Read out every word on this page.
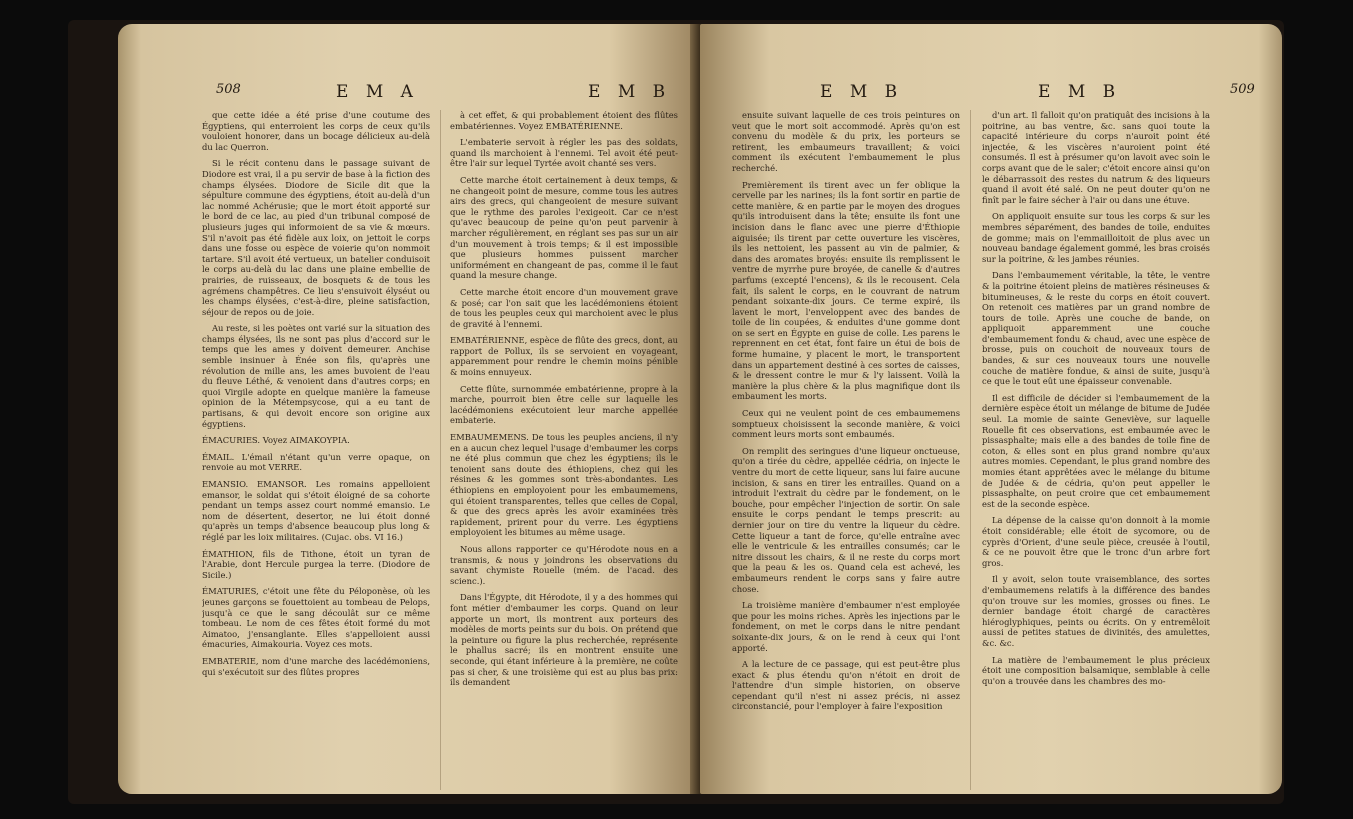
508	E M A	E M B

que cette idée a été prise d'une coutume des Égyptiens, qui enterroient les corps de ceux qu'ils vouloient honorer, dans un bocage délicieux au-delà du lac Querron.

Si le récit contenu dans le passage suivant de Diodore est vrai, il a pu servir de base à la fiction des champs élysées. Diodore de Sicile dit que la sépulture commune des égyptiens, étoit au-delà d'un lac nommé Achérusie; que le mort étoit apporté sur le bord de ce lac, au pied d'un tribunal composé de plusieurs juges qui informoient de sa vie & mœurs. S'il n'avoit pas été fidèle aux loix, on jettoit le corps dans une fosse ou espèce de voierie qu'on nommoit tartare. S'il avoit été vertueux, un batelier conduisoit le corps au-delà du lac dans une plaine embellie de prairies, de ruisseaux, de bosquets & de tous les agrémens champêtres. Ce lieu s'ensuivoit élyséut ou les champs élysées, c'est-à-dire, pleine satisfaction, séjour de repos ou de joie.

Au reste, si les poètes ont varié sur la situation des champs élysées, ils ne sont pas plus d'accord sur le temps que les ames y doivent demeurer. Anchise semble insinuer à Énée son fils, qu'après une révolution de mille ans, les ames buvoient de l'eau du fleuve Léthé, & venoient dans d'autres corps; en quoi Virgile adopte en quelque manière la fameuse opinion de la Métempsycose, qui a eu tant de partisans, & qui devoit encore son origine aux égyptiens.

ÉMACURIES. Voyez AIMAKOYPIA.

ÉMAIL. L'émail n'étant qu'un verre opaque, on renvoie au mot VERRE.

EMANSIO. EMANSOR. Les romains appelloient emansor, le soldat qui s'étoit éloigné de sa cohorte pendant un temps assez court nommé emansio. Le nom de désertent, desertor, ne lui étoit donné qu'après un temps d'absence beaucoup plus long & réglé par les loix militaires. (Cujac. obs. VI 16.)

ÉMATHION, fils de Tithone, étoit un tyran de l'Arabie, dont Hercule purgea la terre. (Diodore de Sicile.)

ÉMATURIES, c'étoit une fête du Péloponèse, où les jeunes garçons se fouettoient au tombeau de Pelops, jusqu'à ce que le sang découlât sur ce même tombeau. Le nom de ces fêtes étoit formé du mot Aimatoo, j'ensanglante. Elles s'appelloient aussi émacuries, Aimakouria. Voyez ces mots.

EMBATERIE, nom d'une marche des lacédémoniens, qui s'exécutoit sur des flûtes propres

à cet effet, & qui probablement étoient des flûtes embatériennes. Voyez EMBATÉRIENNE.

L'embaterie servoit à régler les pas des soldats, quand ils marchoient à l'ennemi. Tel avoit été peut-être l'air sur lequel Tyrtée avoit chanté ses vers.

Cette marche étoit certainement à deux temps, & ne changeoit point de mesure, comme tous les autres airs des grecs, qui changeoient de mesure suivant que le rythme des paroles l'exigeoit. Car ce n'est qu'avec beaucoup de peine qu'on peut parvenir à marcher régulièrement, en réglant ses pas sur un air d'un mouvement à trois temps; & il est impossible que plusieurs hommes puissent marcher uniformément en changeant de pas, comme il le faut quand la mesure change.

Cette marche étoit encore d'un mouvement grave & posé; car l'on sait que les lacédémoniens étoient de tous les peuples ceux qui marchoient avec le plus de gravité à l'ennemi.

EMBATÉRIENNE, espèce de flûte des grecs, dont, au rapport de Pollux, ils se servoient en voyageant, apparemment pour rendre le chemin moins pénible & moins ennuyeux.

Cette flûte, surnommée embatérienne, propre à la marche, pourroit bien être celle sur laquelle les lacédémoniens exécutoient leur marche appellée embaterie.

EMBAUMEMENS. De tous les peuples anciens, il n'y en a aucun chez lequel l'usage d'embaumer les corps ne été plus commun que chez les égyptiens; ils le tenoient sans doute des éthiopiens, chez qui les résines & les gommes sont très-abondantes. Les éthiopiens en employoient pour les embaumemens, qui étoient transparentes, telles que celles de Copal, & que des grecs après les avoir examinées très rapidement, prirent pour du verre. Les égyptiens employoient les bitumes au même usage.

Nous allons rapporter ce qu'Hérodote nous en a transmis, & nous y joindrons les observations du savant chymiste Rouelle (mém. de l'acad. des scienc.).

Dans l'Égypte, dit Hérodote, il y a des hommes qui font métier d'embaumer les corps. Quand on leur apporte un mort, ils montrent aux porteurs des modèles de morts peints sur du bois. On prétend que la peinture ou figure la plus recherchée, représente le phallus sacré; ils en montrent ensuite une seconde, qui étant inférieure à la première, ne coûte pas si cher, & une troisième qui est au plus bas prix: ils demandent

E M B	E M B	509

ensuite suivant laquelle de ces trois peintures on veut que le mort soit accommodé. Après qu'on est convenu du modèle & du prix, les porteurs se retirent, les embaumeurs travaillent; & voici comment ils exécutent l'embaumement le plus recherché.

Premièrement ils tirent avec un fer oblique la cervelle par les narines; ils la font sortir en partie de cette manière, & en partie par le moyen des drogues qu'ils introduisent dans la tête; ensuite ils font une incision dans le flanc avec une pierre d'Éthiopie aiguisée; ils tirent par cette ouverture les viscères, ils les nettoient, les passent au vin de palmier, & dans des aromates broyés: ensuite ils remplissent le ventre de myrrhe pure broyée, de canelle & d'autres parfums (excepté l'encens), & ils le recousent. Cela fait, ils salent le corps, en le couvrant de natrum pendant soixante-dix jours. Ce terme expiré, ils lavent le mort, l'enveloppent avec des bandes de toile de lin coupées, & enduites d'une gomme dont on se sert en Égypte en guise de colle. Les parens le reprennent en cet état, font faire un étui de bois de forme humaine, y placent le mort, le transportent dans un appartement destiné à ces sortes de caisses, & le dressent contre le mur & l'y laissent. Voilà la manière la plus chère & la plus magnifique dont ils embaument les morts.

Ceux qui ne veulent point de ces embaumemens somptueux choisissent la seconde manière, & voici comment leurs morts sont embaumés.

On remplit des seringues d'une liqueur onctueuse, qu'on a tirée du cèdre, appellée cédria, on injecte le ventre du mort de cette liqueur, sans lui faire aucune incision, & sans en tirer les entrailles. Quand on a introduit l'extrait du cèdre par le fondement, on le bouche, pour empêcher l'injection de sortir. On sale ensuite le corps pendant le temps prescrit: au dernier jour on tire du ventre la liqueur du cèdre. Cette liqueur a tant de force, qu'elle entraîne avec elle le ventricule & les entrailles consumés; car le nitre dissout les chairs, & il ne reste du corps mort que la peau & les os. Quand cela est achevé, les embaumeurs rendent le corps sans y faire autre chose.

La troisième manière d'embaumer n'est employée que pour les moins riches. Après les injections par le fondement, on met le corps dans le nitre pendant soixante-dix jours, & on le rend à ceux qui l'ont apporté.

A la lecture de ce passage, qui est peut-être plus exact & plus étendu qu'on n'étoit en droit de l'attendre d'un simple historien, on observe cependant qu'il n'est ni assez précis, ni assez circonstancié, pour l'employer à faire l'exposition

d'un art. Il falloit qu'on pratiquât des incisions à la poitrine, au bas ventre, &c. sans quoi toute la capacité intérieure du corps n'auroit point été injectée, & les viscères n'auroient point été consumés. Il est à présumer qu'on lavoit avec soin le corps avant que de le saler; c'étoit encore ainsi qu'on le débarrassoit des restes du natrum & des liqueurs quand il avoit été salé. On ne peut douter qu'on ne finît par le faire sécher à l'air ou dans une étuve.

On appliquoit ensuite sur tous les corps & sur les membres séparément, des bandes de toile, enduites de gomme; mais on l'emmailloitoit de plus avec un nouveau bandage également gommé, les bras croisés sur la poitrine, & les jambes réunies.

Dans l'embaumement véritable, la tête, le ventre & la poitrine étoient pleins de matières résineuses & bitumineuses, & le reste du corps en étoit couvert. On retenoit ces matières par un grand nombre de tours de toile. Après une couche de bande, on appliquoit apparemment une couche d'embaumement fondu & chaud, avec une espèce de brosse, puis on couchoit de nouveaux tours de bandes, & sur ces nouveaux tours une nouvelle couche de matière fondue, & ainsi de suite, jusqu'à ce que le tout eût une épaisseur convenable.

Il est difficile de décider si l'embaumement de la dernière espèce étoit un mélange de bitume de Judée seul. La momie de sainte Geneviève, sur laquelle Rouelle fit ces observations, est embaumée avec le pissasphalte; mais elle a des bandes de toile fine de coton, & elles sont en plus grand nombre qu'aux autres momies. Cependant, le plus grand nombre des momies étant apprêtées avec le mélange du bitume de Judée & de cédria, qu'on peut appeller le pissasphalte, on peut croire que cet embaumement est de la seconde espèce.

La dépense de la caisse qu'on donnoit à la momie étoit considérable; elle étoit de sycomore, ou de cyprès d'Orient, d'une seule pièce, creusée à l'outil, & ce ne pouvoit être que le tronc d'un arbre fort gros.

Il y avoit, selon toute vraisemblance, des sortes d'embaumemens relatifs à la différence des bandes qu'on trouve sur les momies, grosses ou fines. Le dernier bandage étoit chargé de caractères hiéroglyphiques, peints ou écrits. On y entremêloit aussi de petites statues de divinités, des amulettes, &c. &c.

La matière de l'embaumement le plus précieux étoit une composition balsamique, semblable à celle qu'on a trouvée dans les chambres des mo-
